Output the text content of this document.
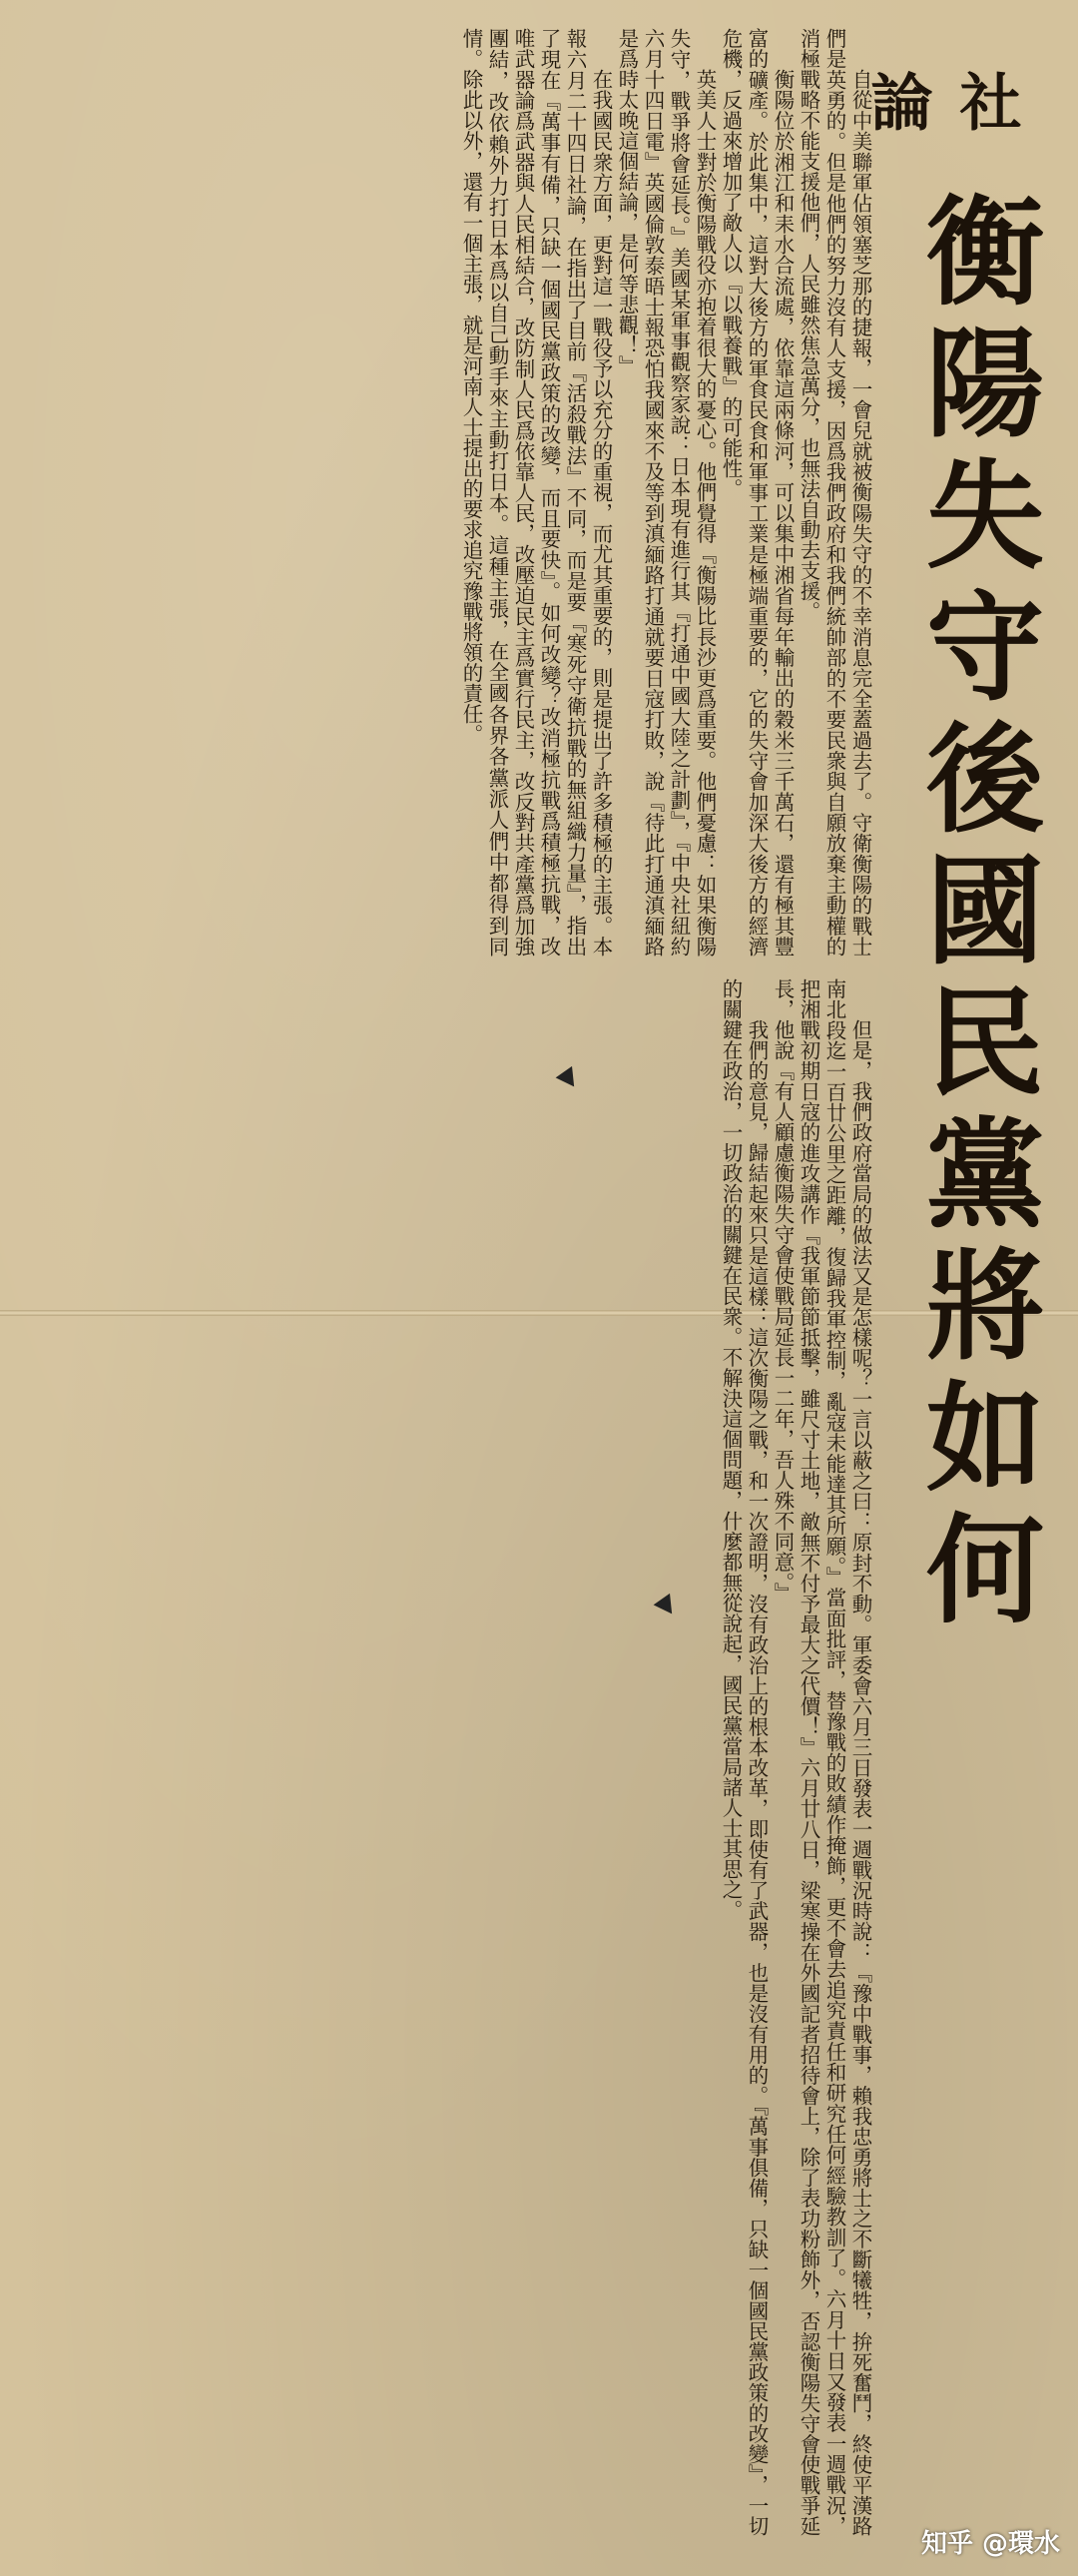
社論
衡陽失守後國民黨將如何

自從中美聯軍佔領塞芝那的捷報，一會兒就被衡陽失守的不幸消息完全蓋過去了。守衛衡陽的戰士們是英勇的。但是他們的努力沒有人支援，因爲我們政府和我們統帥部的不要民衆與自願放棄主動權的消極戰略不能支援他們，人民雖然焦急萬分，也無法自動去支援。

衡陽位於湘江和耒水合流處，依靠這兩條河，可以集中湘省每年輸出的穀米三千萬石，還有極其豐富的礦產。於此集中，這對大後方的軍食民食和軍事工業是極端重要的，它的失守會加深大後方的經濟危機，反過來增加了敵人以『以戰養戰』的可能性。

英美人士對於衡陽戰役亦抱着很大的憂心。他們覺得『衡陽比長沙更爲重要。他們憂慮：如果衡陽失守，戰爭將會延長。』美國某軍事觀察家說：日本現有進行其『打通中國大陸之計劃』，『中央社紐約六月十四日電』英國倫敦泰晤士報恐怕我國來不及等到滇緬路打通就要日寇打敗，說『待此打通滇緬路是爲時太晚這個結論，是何等悲觀！』

在我國民衆方面，更對這一戰役予以充分的重視，而尤其重要的，則是提出了許多積極的主張。本報六月二十四日社論，在指出了目前『活殺戰法』不同，而是要『寒死守衛抗戰的無組織力量』，指出了現在『萬事有備，只缺一個國民黨政策的改變，而且要快』。如何改變？改消極抗戰爲積極抗戰，改唯武器論爲武器與人民相結合，改防制人民爲依靠人民，改壓迫民主爲實行民主，改反對共產黨爲加強團結，改依賴外力打日本爲以自己動手來主動打日本。這種主張，在全國各界各黨派人們中都得到同情。除此以外，還有一個主張，就是河南人士提出的要求追究豫戰將領的責任。

但是，我們政府當局的做法又是怎樣呢？一言以蔽之曰：原封不動。軍委會六月三日發表一週戰況時說：『豫中戰事，賴我忠勇將士之不斷犧牲，拚死奮鬥，終使平漢路南北段迄一百廿公里之距離，復歸我軍控制，亂寇未能達其所願。』當面批評，替豫戰的敗績作掩飾，更不會去追究責任和研究任何經驗教訓了。六月十日又發表一週戰況，把湘戰初期日寇的進攻講作『我軍節節抵擊，雖尺寸土地，敵無不付予最大之代價！』六月廿八日，梁寒操在外國記者招待會上，除了表功粉飾外，否認衡陽失守會使戰爭延長，他說『有人顧慮衡陽失守會使戰局延長一二年，吾人殊不同意。』

我們的意見，歸結起來只是這樣：這次衡陽之戰，和一次證明，沒有政治上的根本改革，即使有了武器，也是沒有用的。『萬事俱備，只缺一個國民黨政策的改變』，一切的關鍵在政治，一切政治的關鍵在民衆。不解決這個問題，什麼都無從說起，國民黨當局諸人士其思之。

知乎 @環水
